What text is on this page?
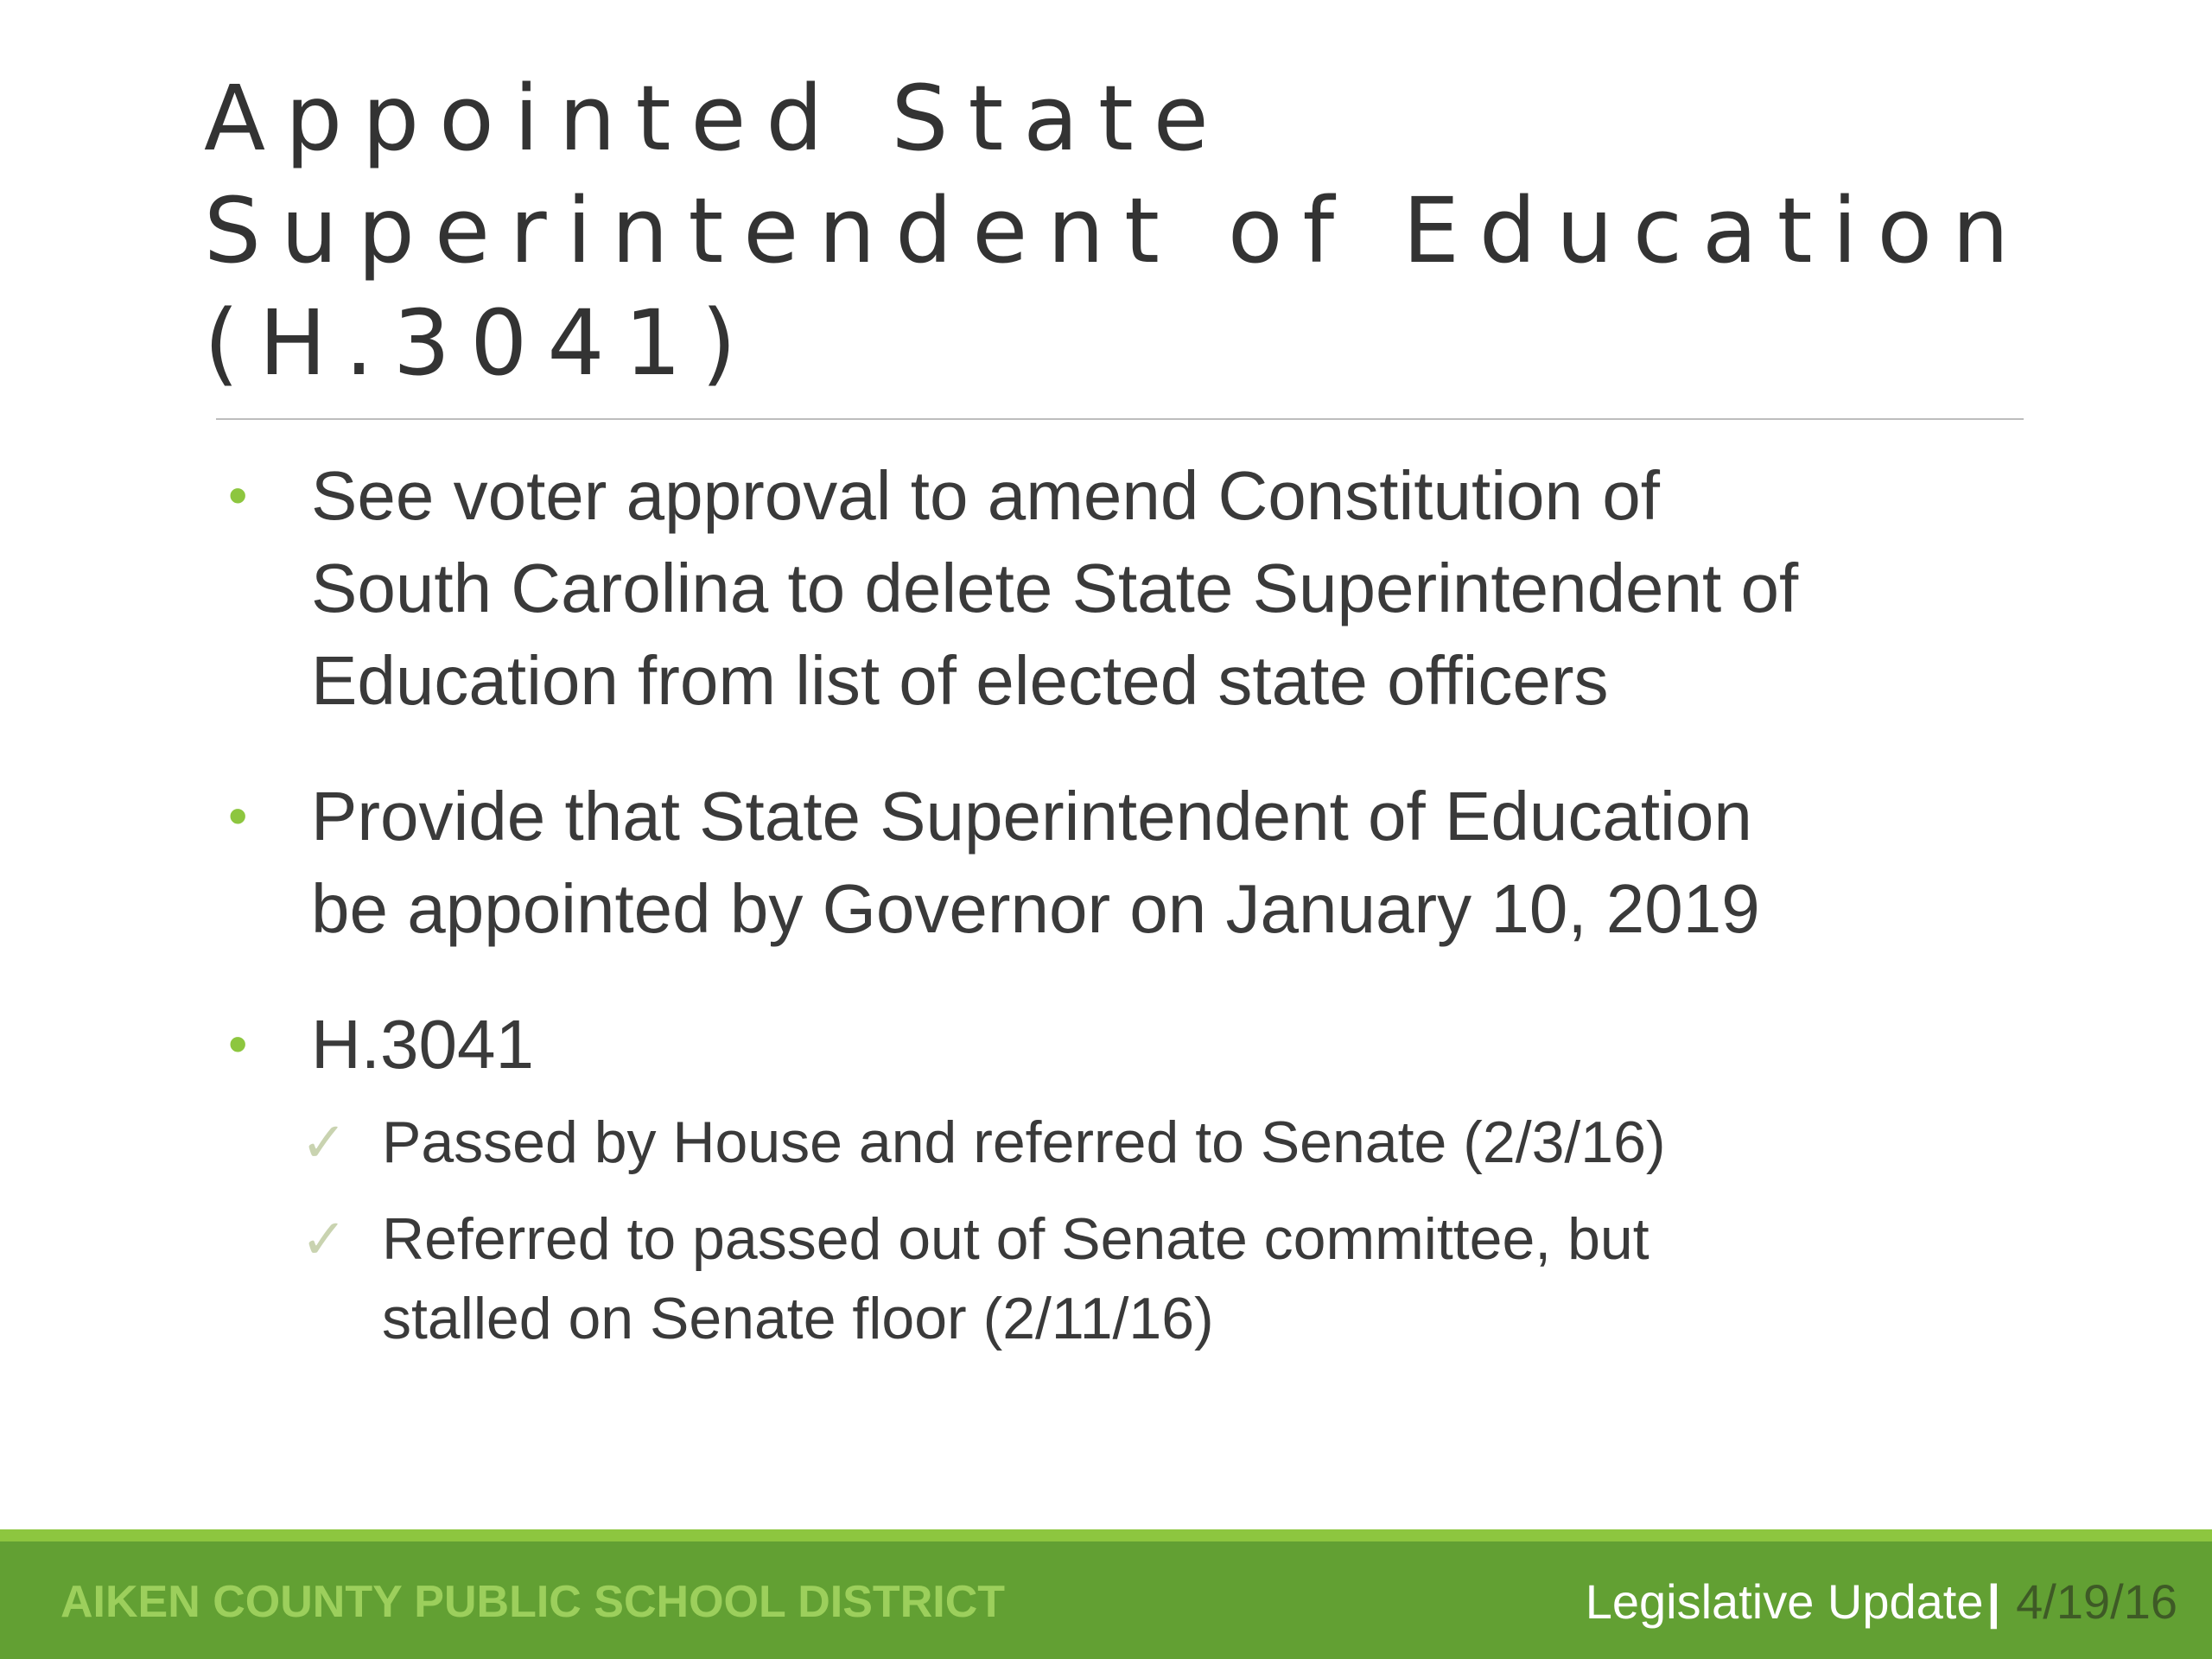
Appointed State
Superintendent of Education
(H.3041)
• See voter approval to amend Constitution of
South Carolina to delete State Superintendent of
Education from list of elected state officers
• Provide that State Superintendent of Education
be appointed by Governor on January 10, 2019
• H.3041
✓ Passed by House and referred to Senate (2/3/16)
✓ Referred to passed out of Senate committee, but
stalled on Senate floor (2/11/16)
AIKEN COUNTY PUBLIC SCHOOL DISTRICT	Legislative Update| 4/19/16
